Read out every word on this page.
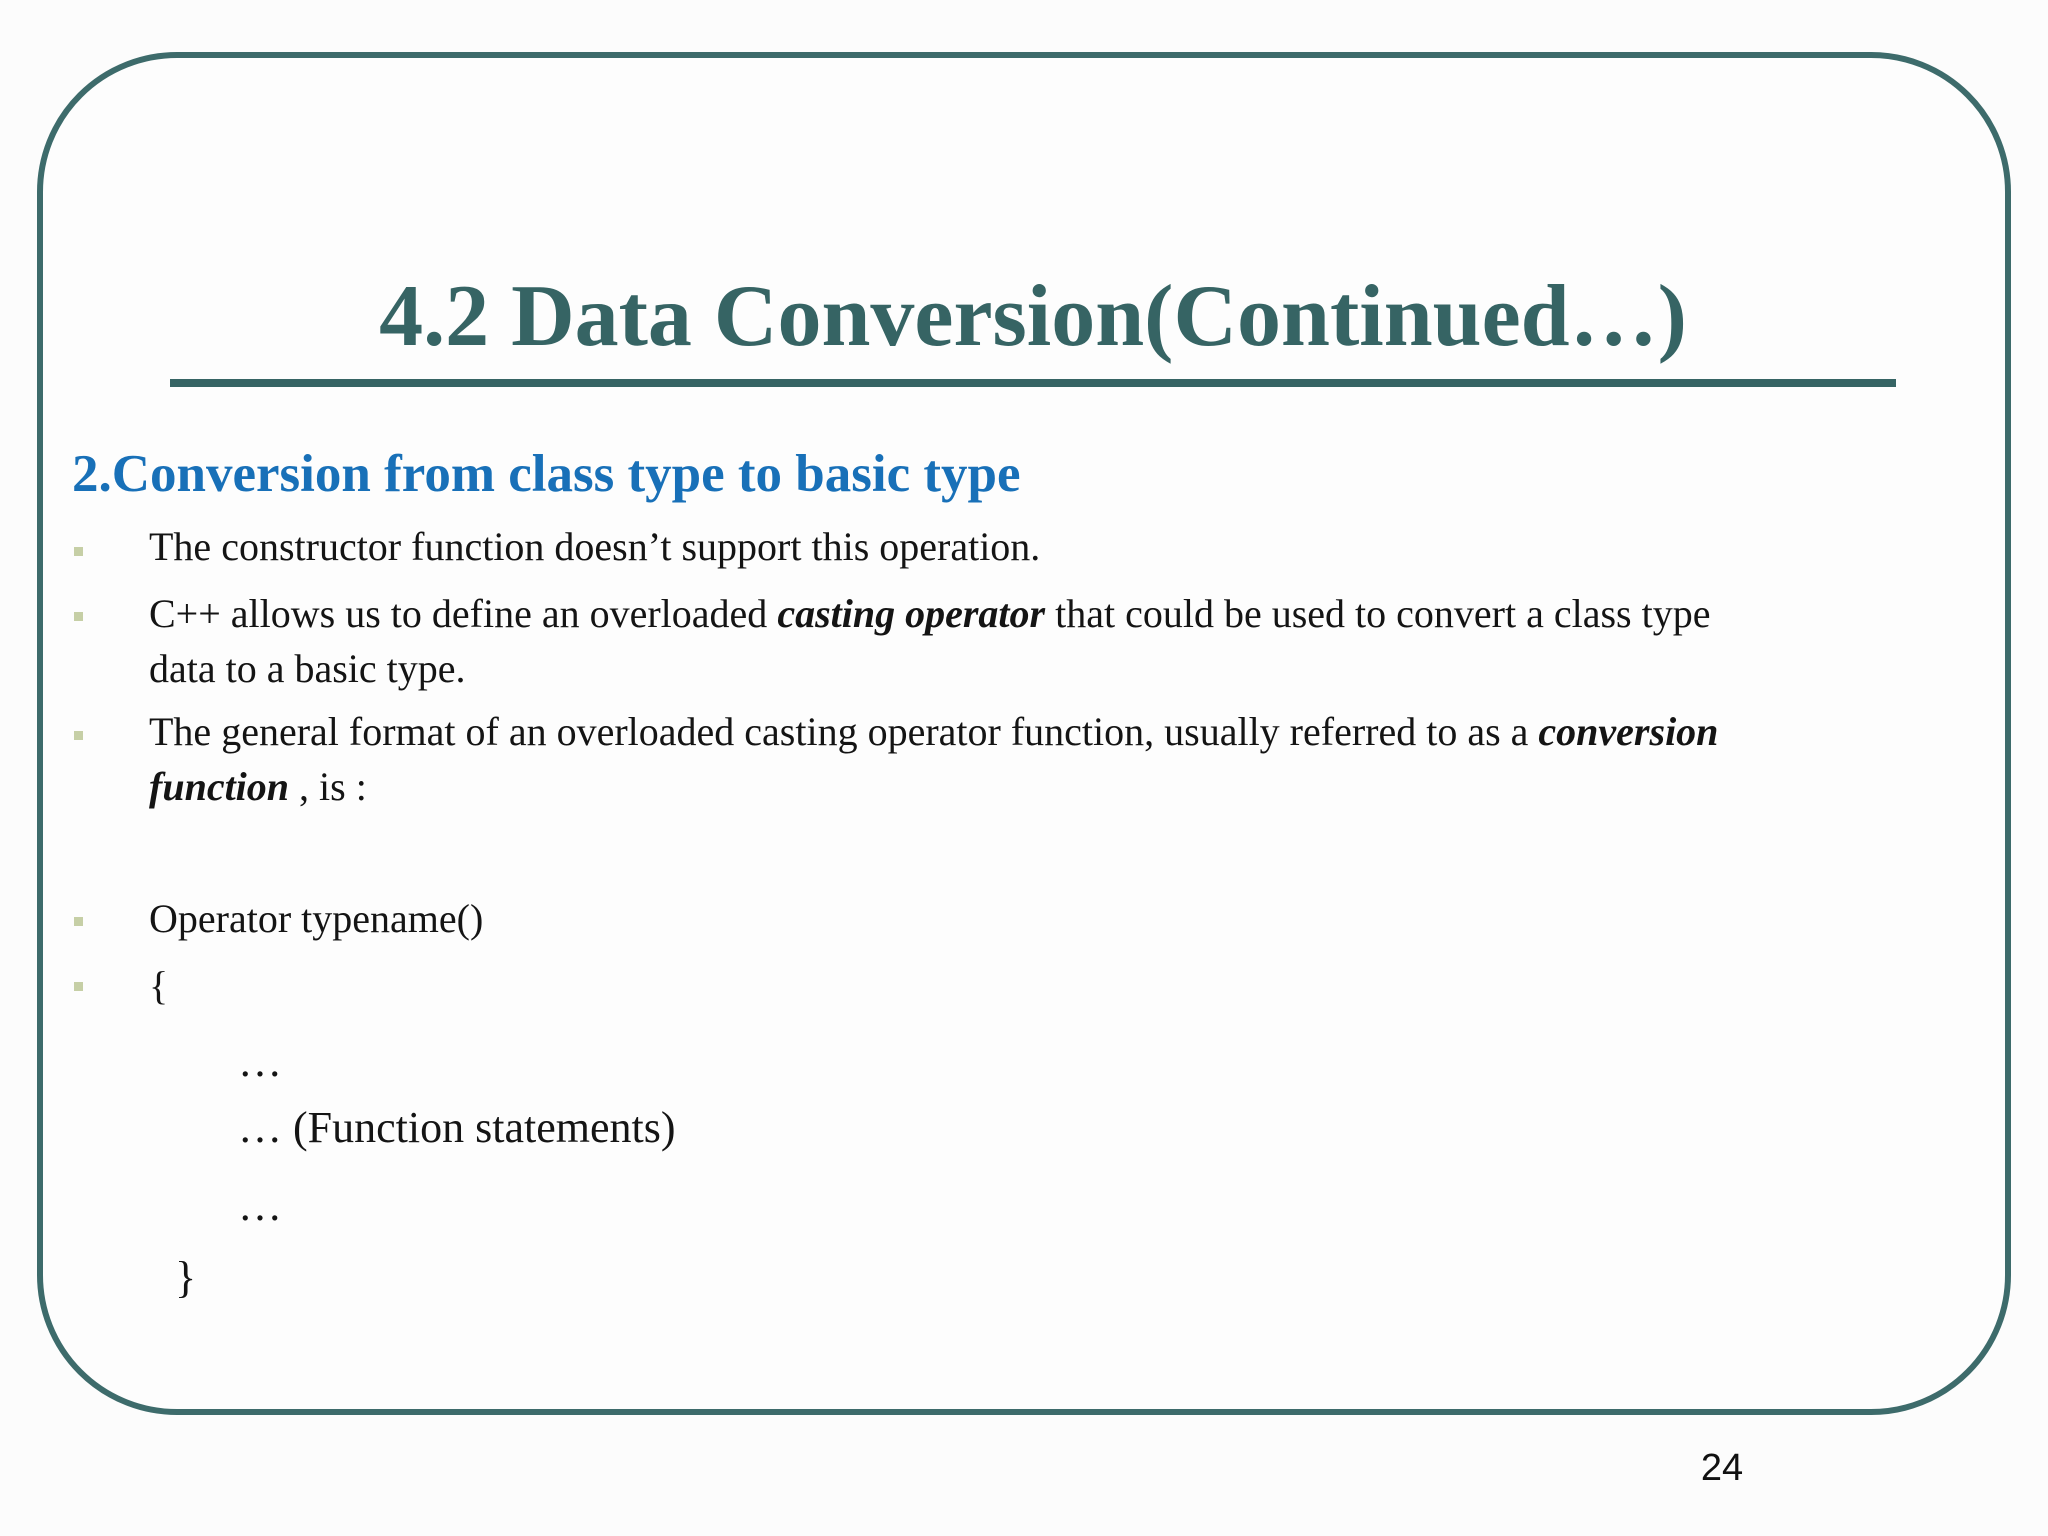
4.2 Data Conversion(Continued…)
2.Conversion from class type to basic type

The constructor function doesn’t support this operation.

C++ allows us to define an overloaded casting operator that could be used to convert a class type
data to a basic type.

The general format of an overloaded casting operator function, usually referred to as a conversion
function , is :

Operator typename()

{

…

… (Function statements)

…

}

24
